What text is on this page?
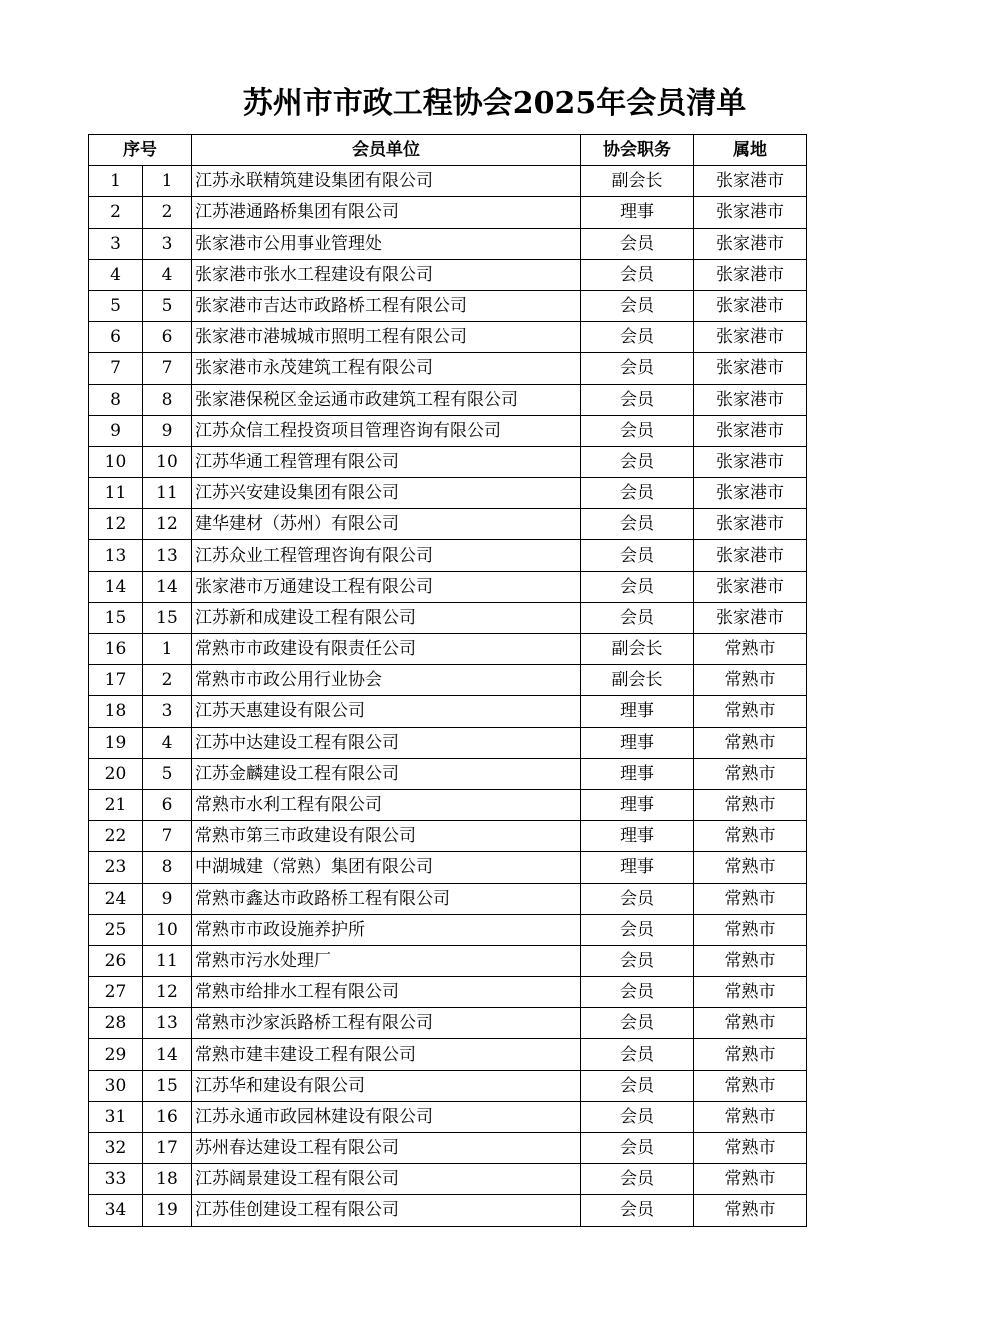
苏州市市政工程协会2025年会员清单
序号		会员单位	协会职务	属地
1	1	江苏永联精筑建设集团有限公司	副会长	张家港市
2	2	江苏港通路桥集团有限公司	理事	张家港市
3	3	张家港市公用事业管理处	会员	张家港市
4	4	张家港市张水工程建设有限公司	会员	张家港市
5	5	张家港市吉达市政路桥工程有限公司	会员	张家港市
6	6	张家港市港城城市照明工程有限公司	会员	张家港市
7	7	张家港市永茂建筑工程有限公司	会员	张家港市
8	8	张家港保税区金运通市政建筑工程有限公司	会员	张家港市
9	9	江苏众信工程投资项目管理咨询有限公司	会员	张家港市
10	10	江苏华通工程管理有限公司	会员	张家港市
11	11	江苏兴安建设集团有限公司	会员	张家港市
12	12	建华建材（苏州）有限公司	会员	张家港市
13	13	江苏众业工程管理咨询有限公司	会员	张家港市
14	14	张家港市万通建设工程有限公司	会员	张家港市
15	15	江苏新和成建设工程有限公司	会员	张家港市
16	1	常熟市市政建设有限责任公司	副会长	常熟市
17	2	常熟市市政公用行业协会	副会长	常熟市
18	3	江苏天惠建设有限公司	理事	常熟市
19	4	江苏中达建设工程有限公司	理事	常熟市
20	5	江苏金麟建设工程有限公司	理事	常熟市
21	6	常熟市水利工程有限公司	理事	常熟市
22	7	常熟市第三市政建设有限公司	理事	常熟市
23	8	中湖城建（常熟）集团有限公司	理事	常熟市
24	9	常熟市鑫达市政路桥工程有限公司	会员	常熟市
25	10	常熟市市政设施养护所	会员	常熟市
26	11	常熟市污水处理厂	会员	常熟市
27	12	常熟市给排水工程有限公司	会员	常熟市
28	13	常熟市沙家浜路桥工程有限公司	会员	常熟市
29	14	常熟市建丰建设工程有限公司	会员	常熟市
30	15	江苏华和建设有限公司	会员	常熟市
31	16	江苏永通市政园林建设有限公司	会员	常熟市
32	17	苏州春达建设工程有限公司	会员	常熟市
33	18	江苏阔景建设工程有限公司	会员	常熟市
34	19	江苏佳创建设工程有限公司	会员	常熟市
